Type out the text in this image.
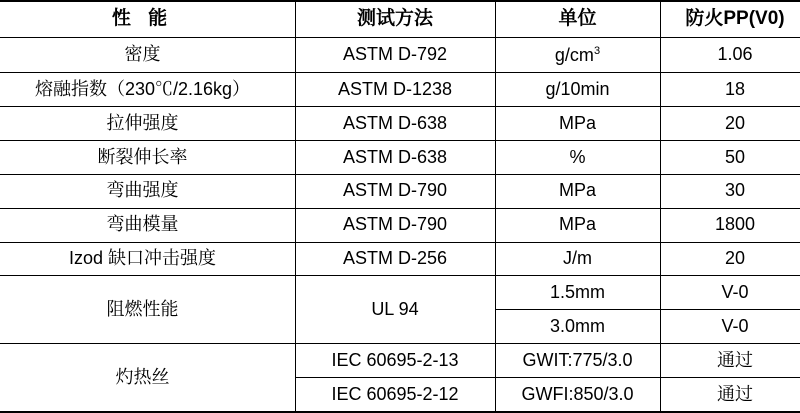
性 能	测试方法	单位	防火PP(V0)
密度	ASTM D-792	$g/cm^3$	1.06
熔融指数（230℃/2.16kg）	ASTM D-1238	g/10min	18
拉伸强度	ASTM D-638	MPa	20
断裂伸长率	ASTM D-638	%	50
弯曲强度	ASTM D-790	MPa	30
弯曲模量	ASTM D-790	MPa	1800
Izod 缺口冲击强度	ASTM D-256	J/m	20
阻燃性能	UL 94	1.5mm	V-0
		3.0mm	V-0
灼热丝	IEC 60695-2-13	GWIT:775/3.0	通过
	IEC 60695-2-12	GWFI:850/3.0	通过
